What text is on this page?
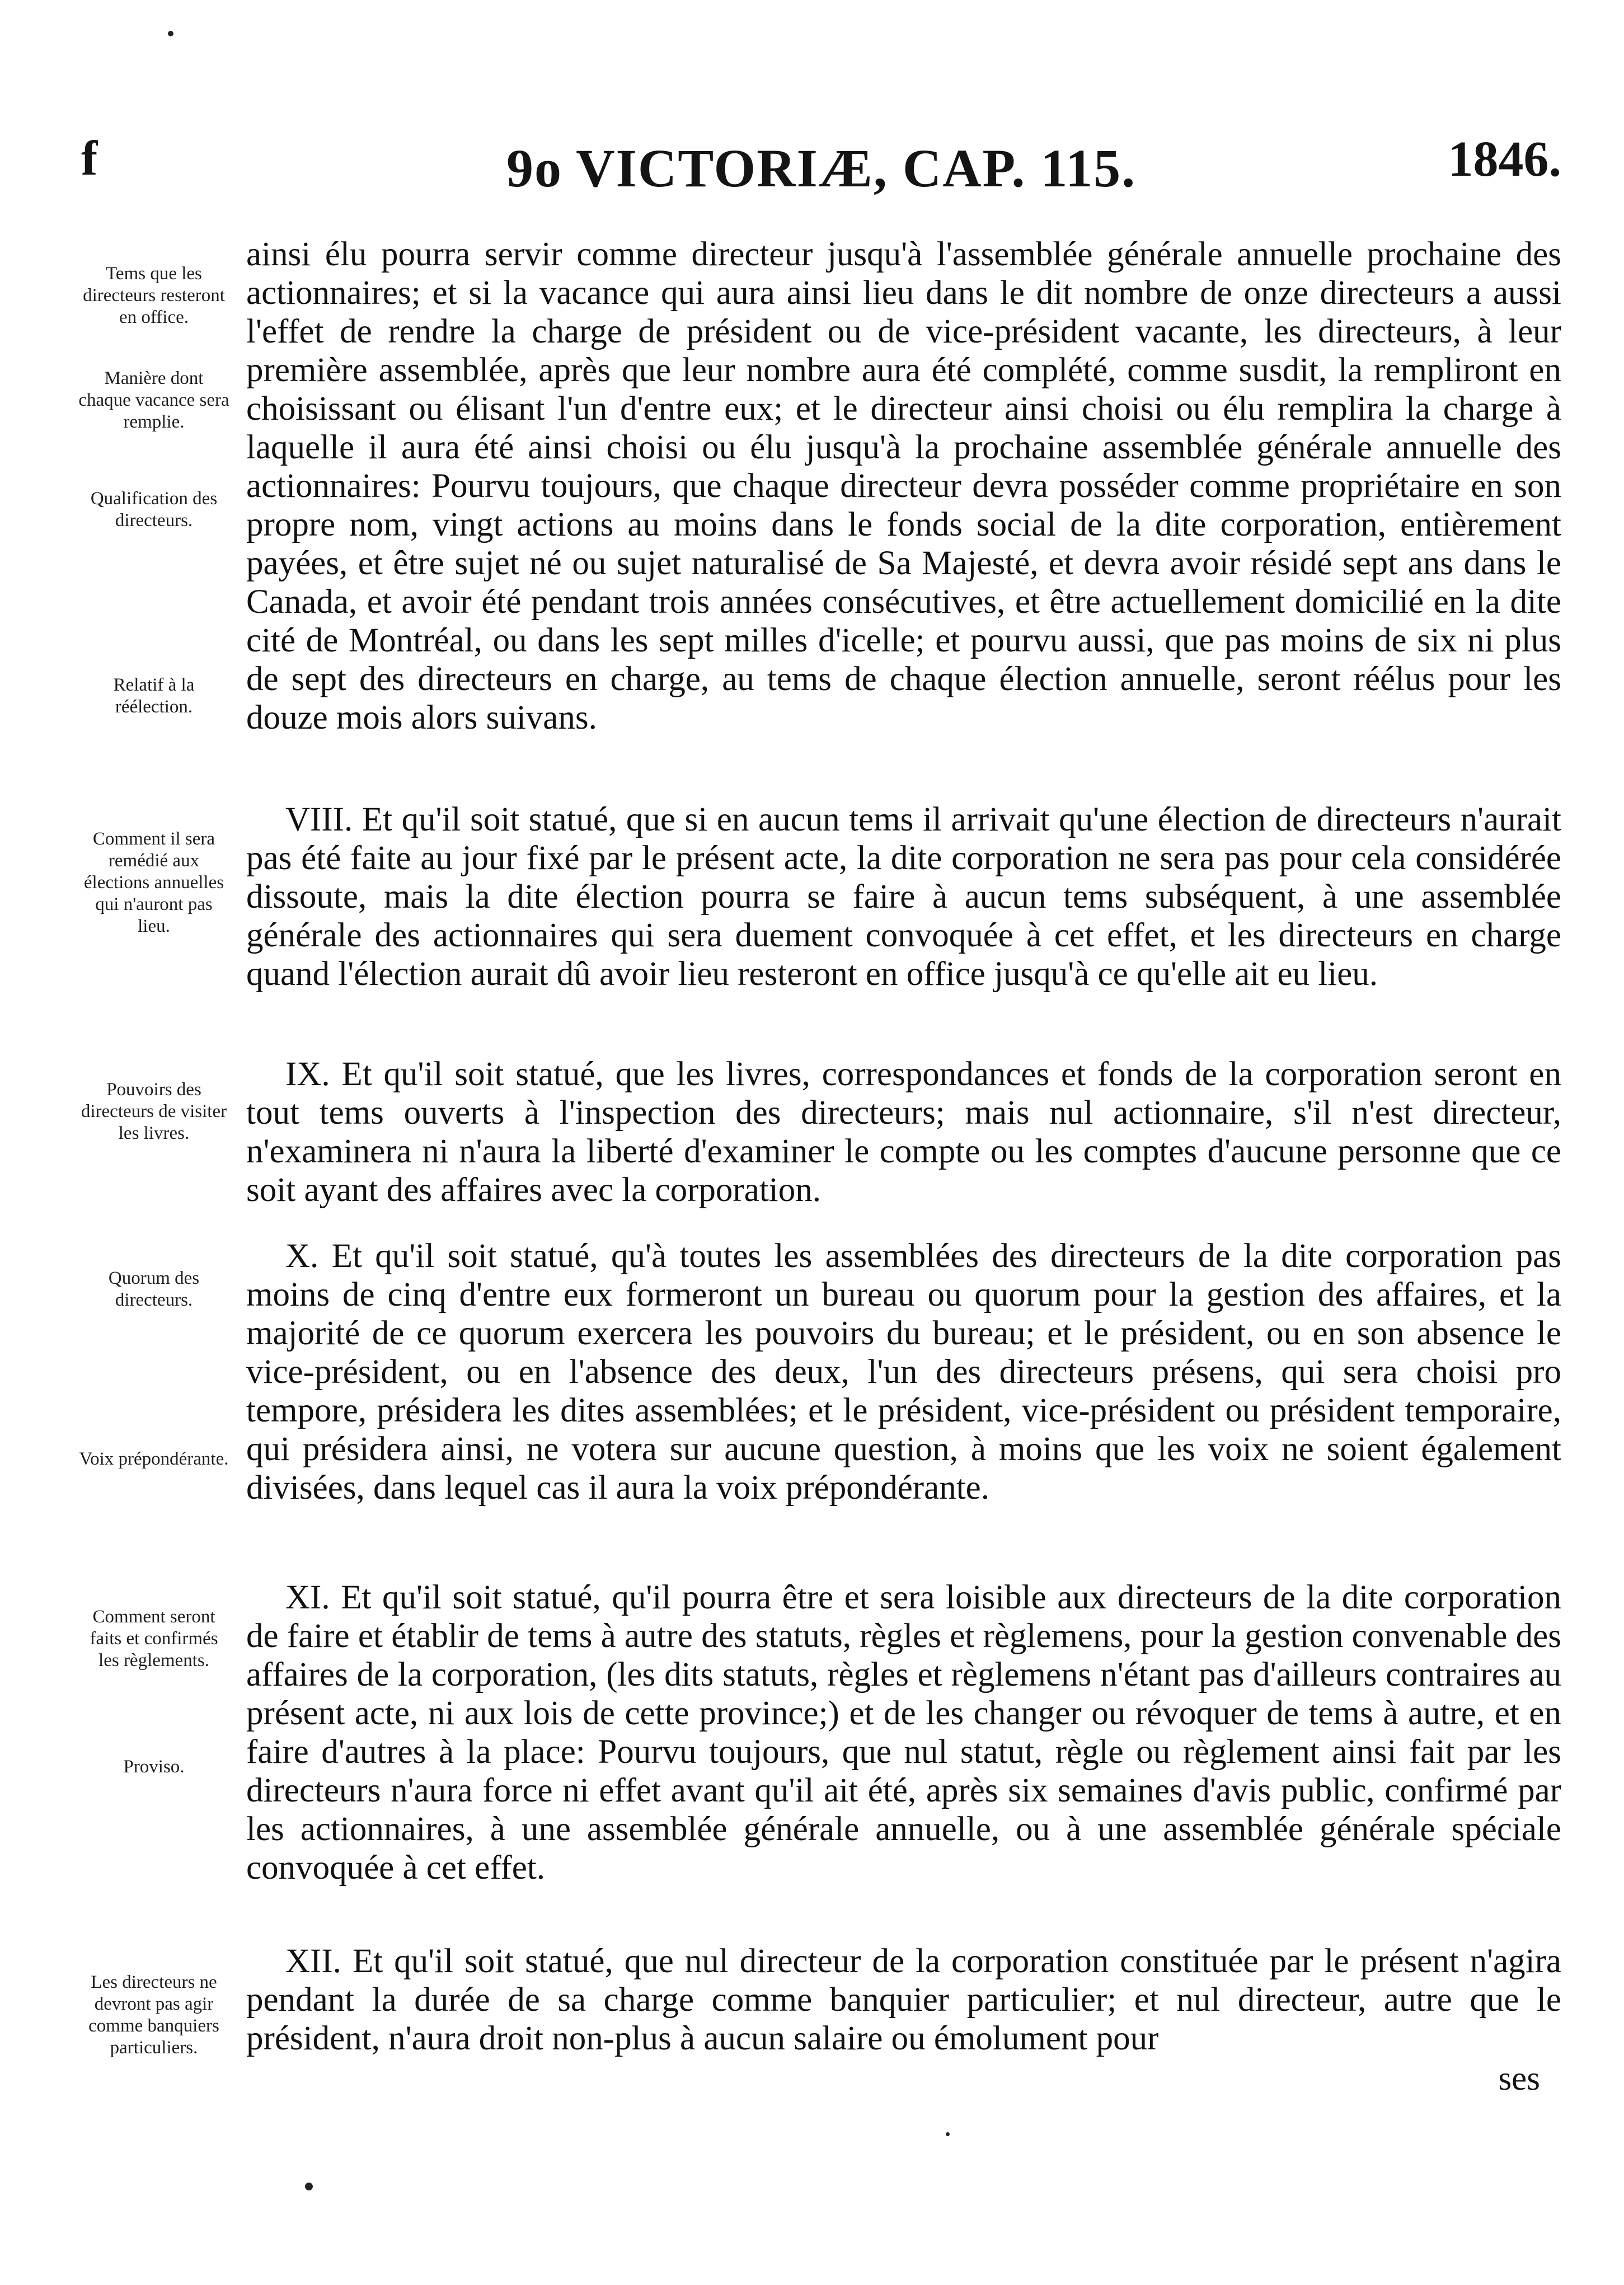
f	9o VICTORIÆ, CAP. 115.	1846.
Tems que les directeurs resteront en office.
Manière dont chaque vacance sera remplie.
Qualification des directeurs.
Relatif à la réélection.
ainsi élu pourra servir comme directeur jusqu'à l'assemblée générale annuelle prochaine des actionnaires; et si la vacance qui aura ainsi lieu dans le dit nombre de onze directeurs a aussi l'effet de rendre la charge de président ou de vice-président vacante, les directeurs, à leur première assemblée, après que leur nombre aura été complété, comme susdit, la rempliront en choisissant ou élisant l'un d'entre eux; et le directeur ainsi choisi ou élu remplira la charge à laquelle il aura été ainsi choisi ou élu jusqu'à la prochaine assemblée générale annuelle des actionnaires: Pourvu toujours, que chaque directeur devra posséder comme propriétaire en son propre nom, vingt actions au moins dans le fonds social de la dite corporation, entièrement payées, et être sujet né ou sujet naturalisé de Sa Majesté, et devra avoir résidé sept ans dans le Canada, et avoir été pendant trois années consécutives, et être actuellement domicilié en la dite cité de Montréal, ou dans les sept milles d'icelle; et pourvu aussi, que pas moins de six ni plus de sept des directeurs en charge, au tems de chaque élection annuelle, seront réélus pour les douze mois alors suivans.
Comment il sera remédié aux élections annuelles qui n'auront pas lieu.
VIII. Et qu'il soit statué, que si en aucun tems il arrivait qu'une élection de directeurs n'aurait pas été faite au jour fixé par le présent acte, la dite corporation ne sera pas pour cela considérée dissoute, mais la dite élection pourra se faire à aucun tems subséquent, à une assemblée générale des actionnaires qui sera duement convoquée à cet effet, et les directeurs en charge quand l'élection aurait dû avoir lieu resteront en office jusqu'à ce qu'elle ait eu lieu.
Pouvoirs des directeurs de visiter les livres.
IX. Et qu'il soit statué, que les livres, correspondances et fonds de la corporation seront en tout tems ouverts à l'inspection des directeurs; mais nul actionnaire, s'il n'est directeur, n'examinera ni n'aura la liberté d'examiner le compte ou les comptes d'aucune personne que ce soit ayant des affaires avec la corporation.
Quorum des directeurs.
Voix prépondérante.
X. Et qu'il soit statué, qu'à toutes les assemblées des directeurs de la dite corporation pas moins de cinq d'entre eux formeront un bureau ou quorum pour la gestion des affaires, et la majorité de ce quorum exercera les pouvoirs du bureau; et le président, ou en son absence le vice-président, ou en l'absence des deux, l'un des directeurs présens, qui sera choisi pro tempore, présidera les dites assemblées; et le président, vice-président ou président temporaire, qui présidera ainsi, ne votera sur aucune question, à moins que les voix ne soient également divisées, dans lequel cas il aura la voix prépondérante.
Comment seront faits et confirmés les règlements.
Proviso.
XI. Et qu'il soit statué, qu'il pourra être et sera loisible aux directeurs de la dite corporation de faire et établir de tems à autre des statuts, règles et règlemens, pour la gestion convenable des affaires de la corporation, (les dits statuts, règles et règlemens n'étant pas d'ailleurs contraires au présent acte, ni aux lois de cette province;) et de les changer ou révoquer de tems à autre, et en faire d'autres à la place: Pourvu toujours, que nul statut, règle ou règlement ainsi fait par les directeurs n'aura force ni effet avant qu'il ait été, après six semaines d'avis public, confirmé par les actionnaires, à une assemblée générale annuelle, ou à une assemblée générale spéciale convoquée à cet effet.
Les directeurs ne devront pas agir comme banquiers particuliers.
XII. Et qu'il soit statué, que nul directeur de la corporation constituée par le présent n'agira pendant la durée de sa charge comme banquier particulier; et nul directeur, autre que le président, n'aura droit non-plus à aucun salaire ou émolument pour
ses
